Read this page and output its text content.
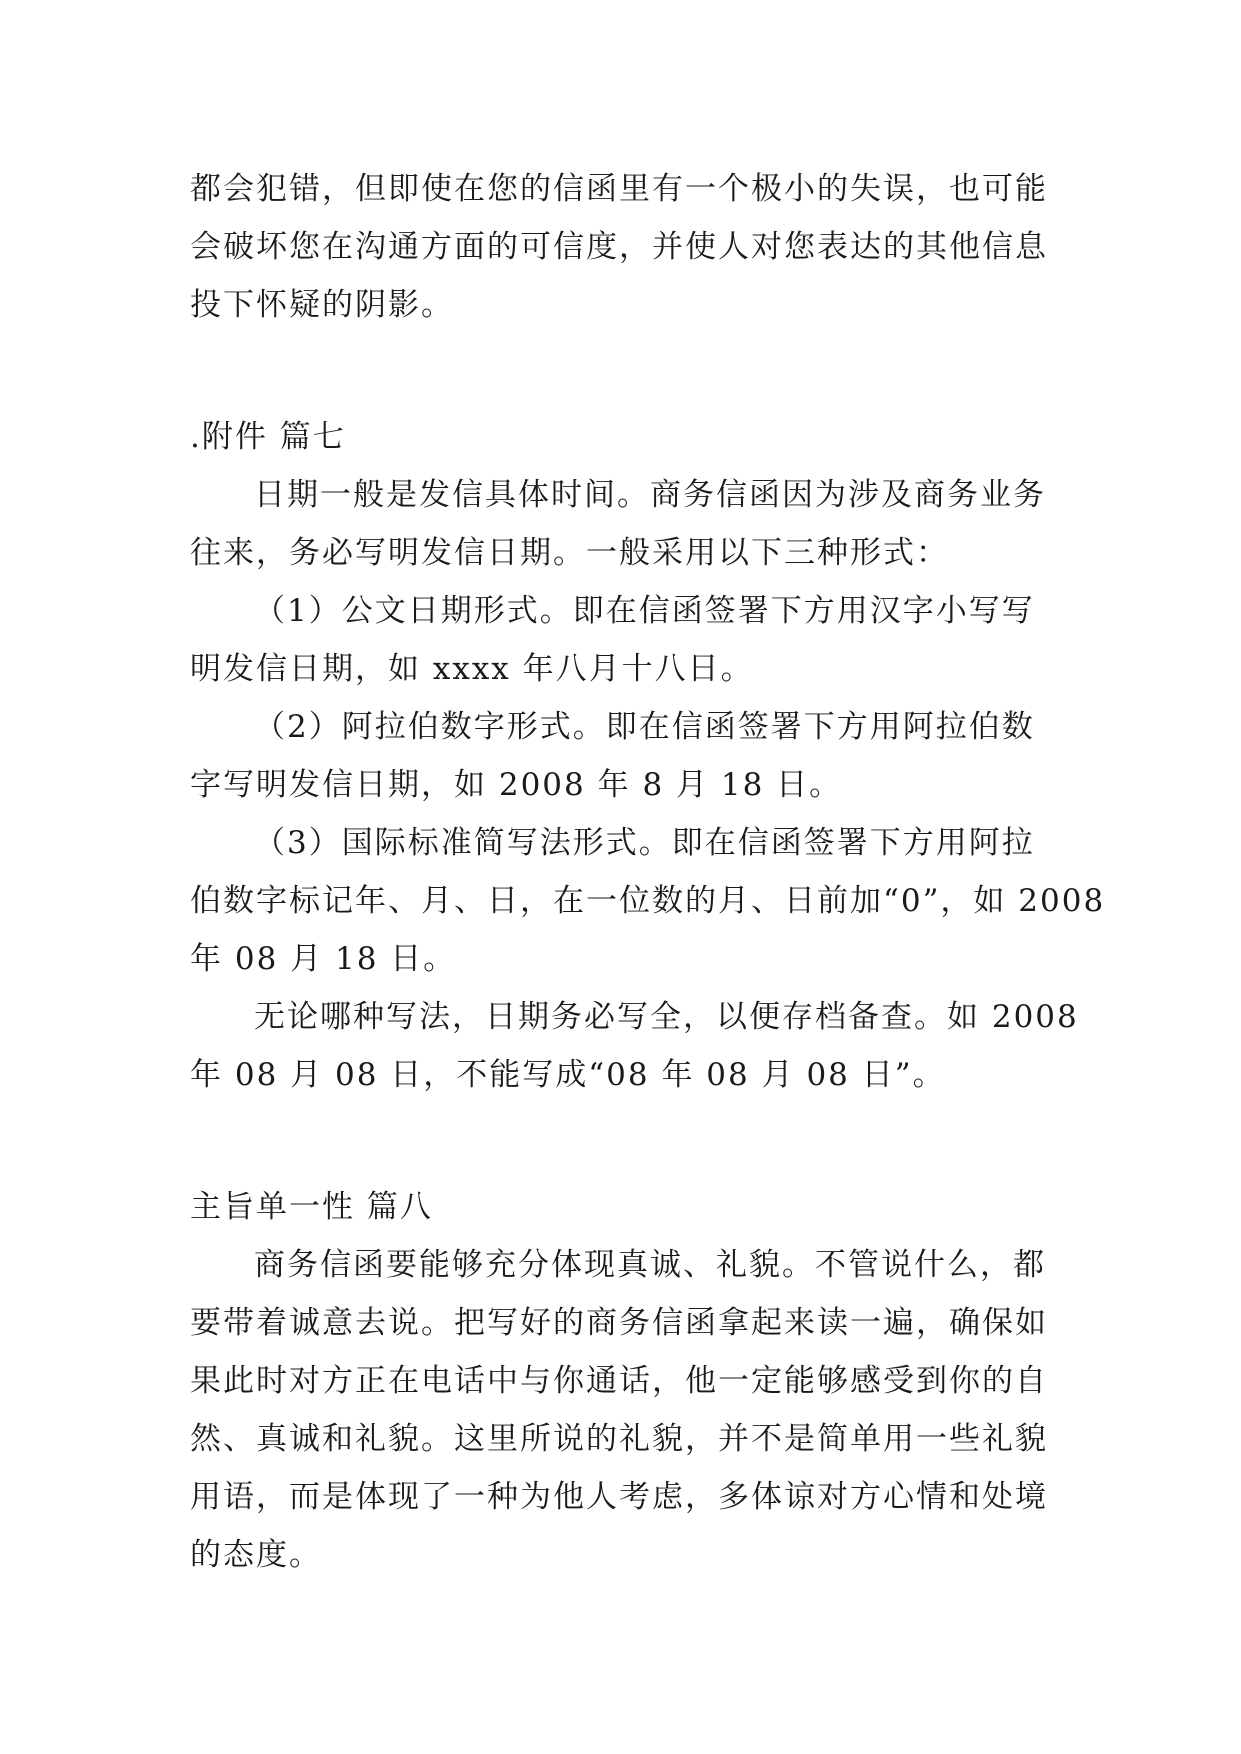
都会犯错，但即使在您的信函里有一个极小的失误，也可能
会破坏您在沟通方面的可信度，并使人对您表达的其他信息
投下怀疑的阴影。
.附件 篇七
日期一般是发信具体时间。商务信函因为涉及商务业务
往来，务必写明发信日期。一般采用以下三种形式：
（1）公文日期形式。即在信函签署下方用汉字小写写
明发信日期，如 xxxx 年八月十八日。
（2）阿拉伯数字形式。即在信函签署下方用阿拉伯数
字写明发信日期，如 2008 年 8 月 18 日。
（3）国际标准简写法形式。即在信函签署下方用阿拉
伯数字标记年、月、日，在一位数的月、日前加“0”，如 2008
年 08 月 18 日。
无论哪种写法，日期务必写全，以便存档备查。如 2008
年 08 月 08 日，不能写成“08 年 08 月 08 日”。
主旨单一性 篇八
商务信函要能够充分体现真诚、礼貌。不管说什么，都
要带着诚意去说。把写好的商务信函拿起来读一遍，确保如
果此时对方正在电话中与你通话，他一定能够感受到你的自
然、真诚和礼貌。这里所说的礼貌，并不是简单用一些礼貌
用语，而是体现了一种为他人考虑，多体谅对方心情和处境
的态度。
